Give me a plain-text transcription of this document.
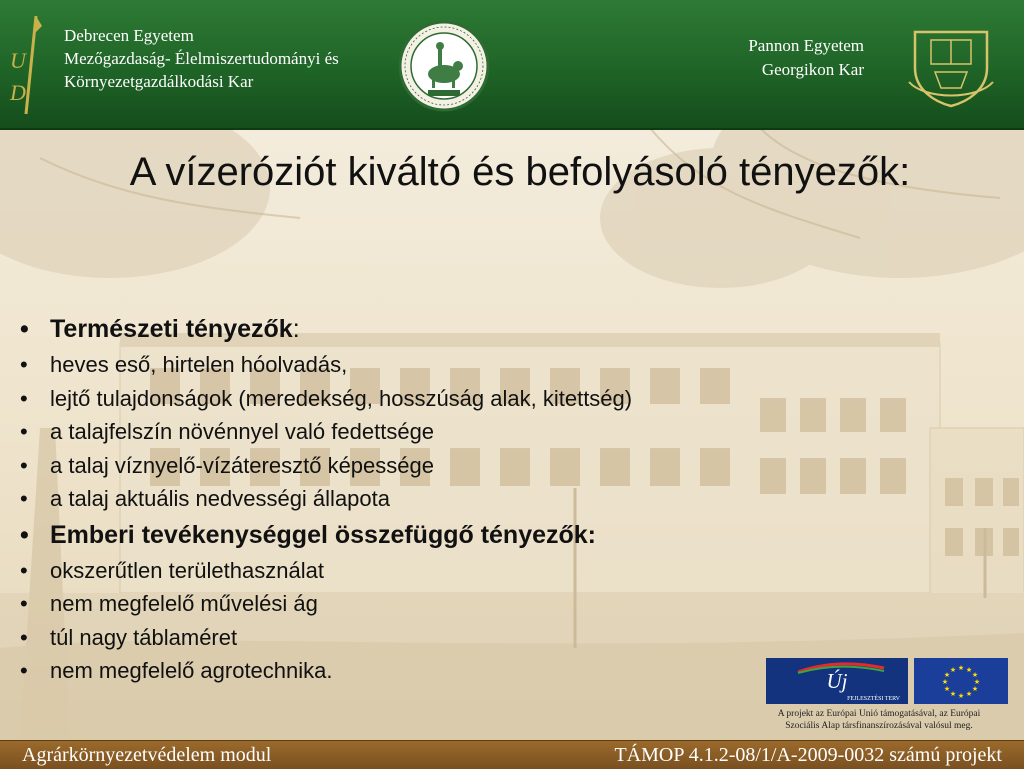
U
D
Debrecen Egyetem
Mezőgazdaság- Élelmiszertudományi és
Környezetgazdálkodási Kar
Pannon Egyetem
Georgikon Kar
A vízeróziót kiváltó és befolyásoló tényezők:
• Természeti tényezők:
• heves eső, hirtelen hóolvadás,
• lejtő tulajdonságok (meredekség, hosszúság alak, kitettség)
• a talajfelszín növénnyel való fedettsége
• a talaj víznyelő-vízáteresztő képessége
• a talaj aktuális nedvességi állapota
• Emberi tevékenységgel összefüggő tényezők:
• okszerűtlen területhasználat
• nem megfelelő művelési ág
• túl nagy táblaméret
• nem megfelelő agrotechnika.	Új
FEJLESZTÉSI TERV
★ ★
★
★
★
★
★
★
★
★
★
★
A projekt az Európai Unió támogatásával, az Európai
Szociális Alap társfinanszírozásával valósul meg.
Agrárkörnyezetvédelem modul	TÁMOP 4.1.2-08/1/A-2009-0032 számú projekt
